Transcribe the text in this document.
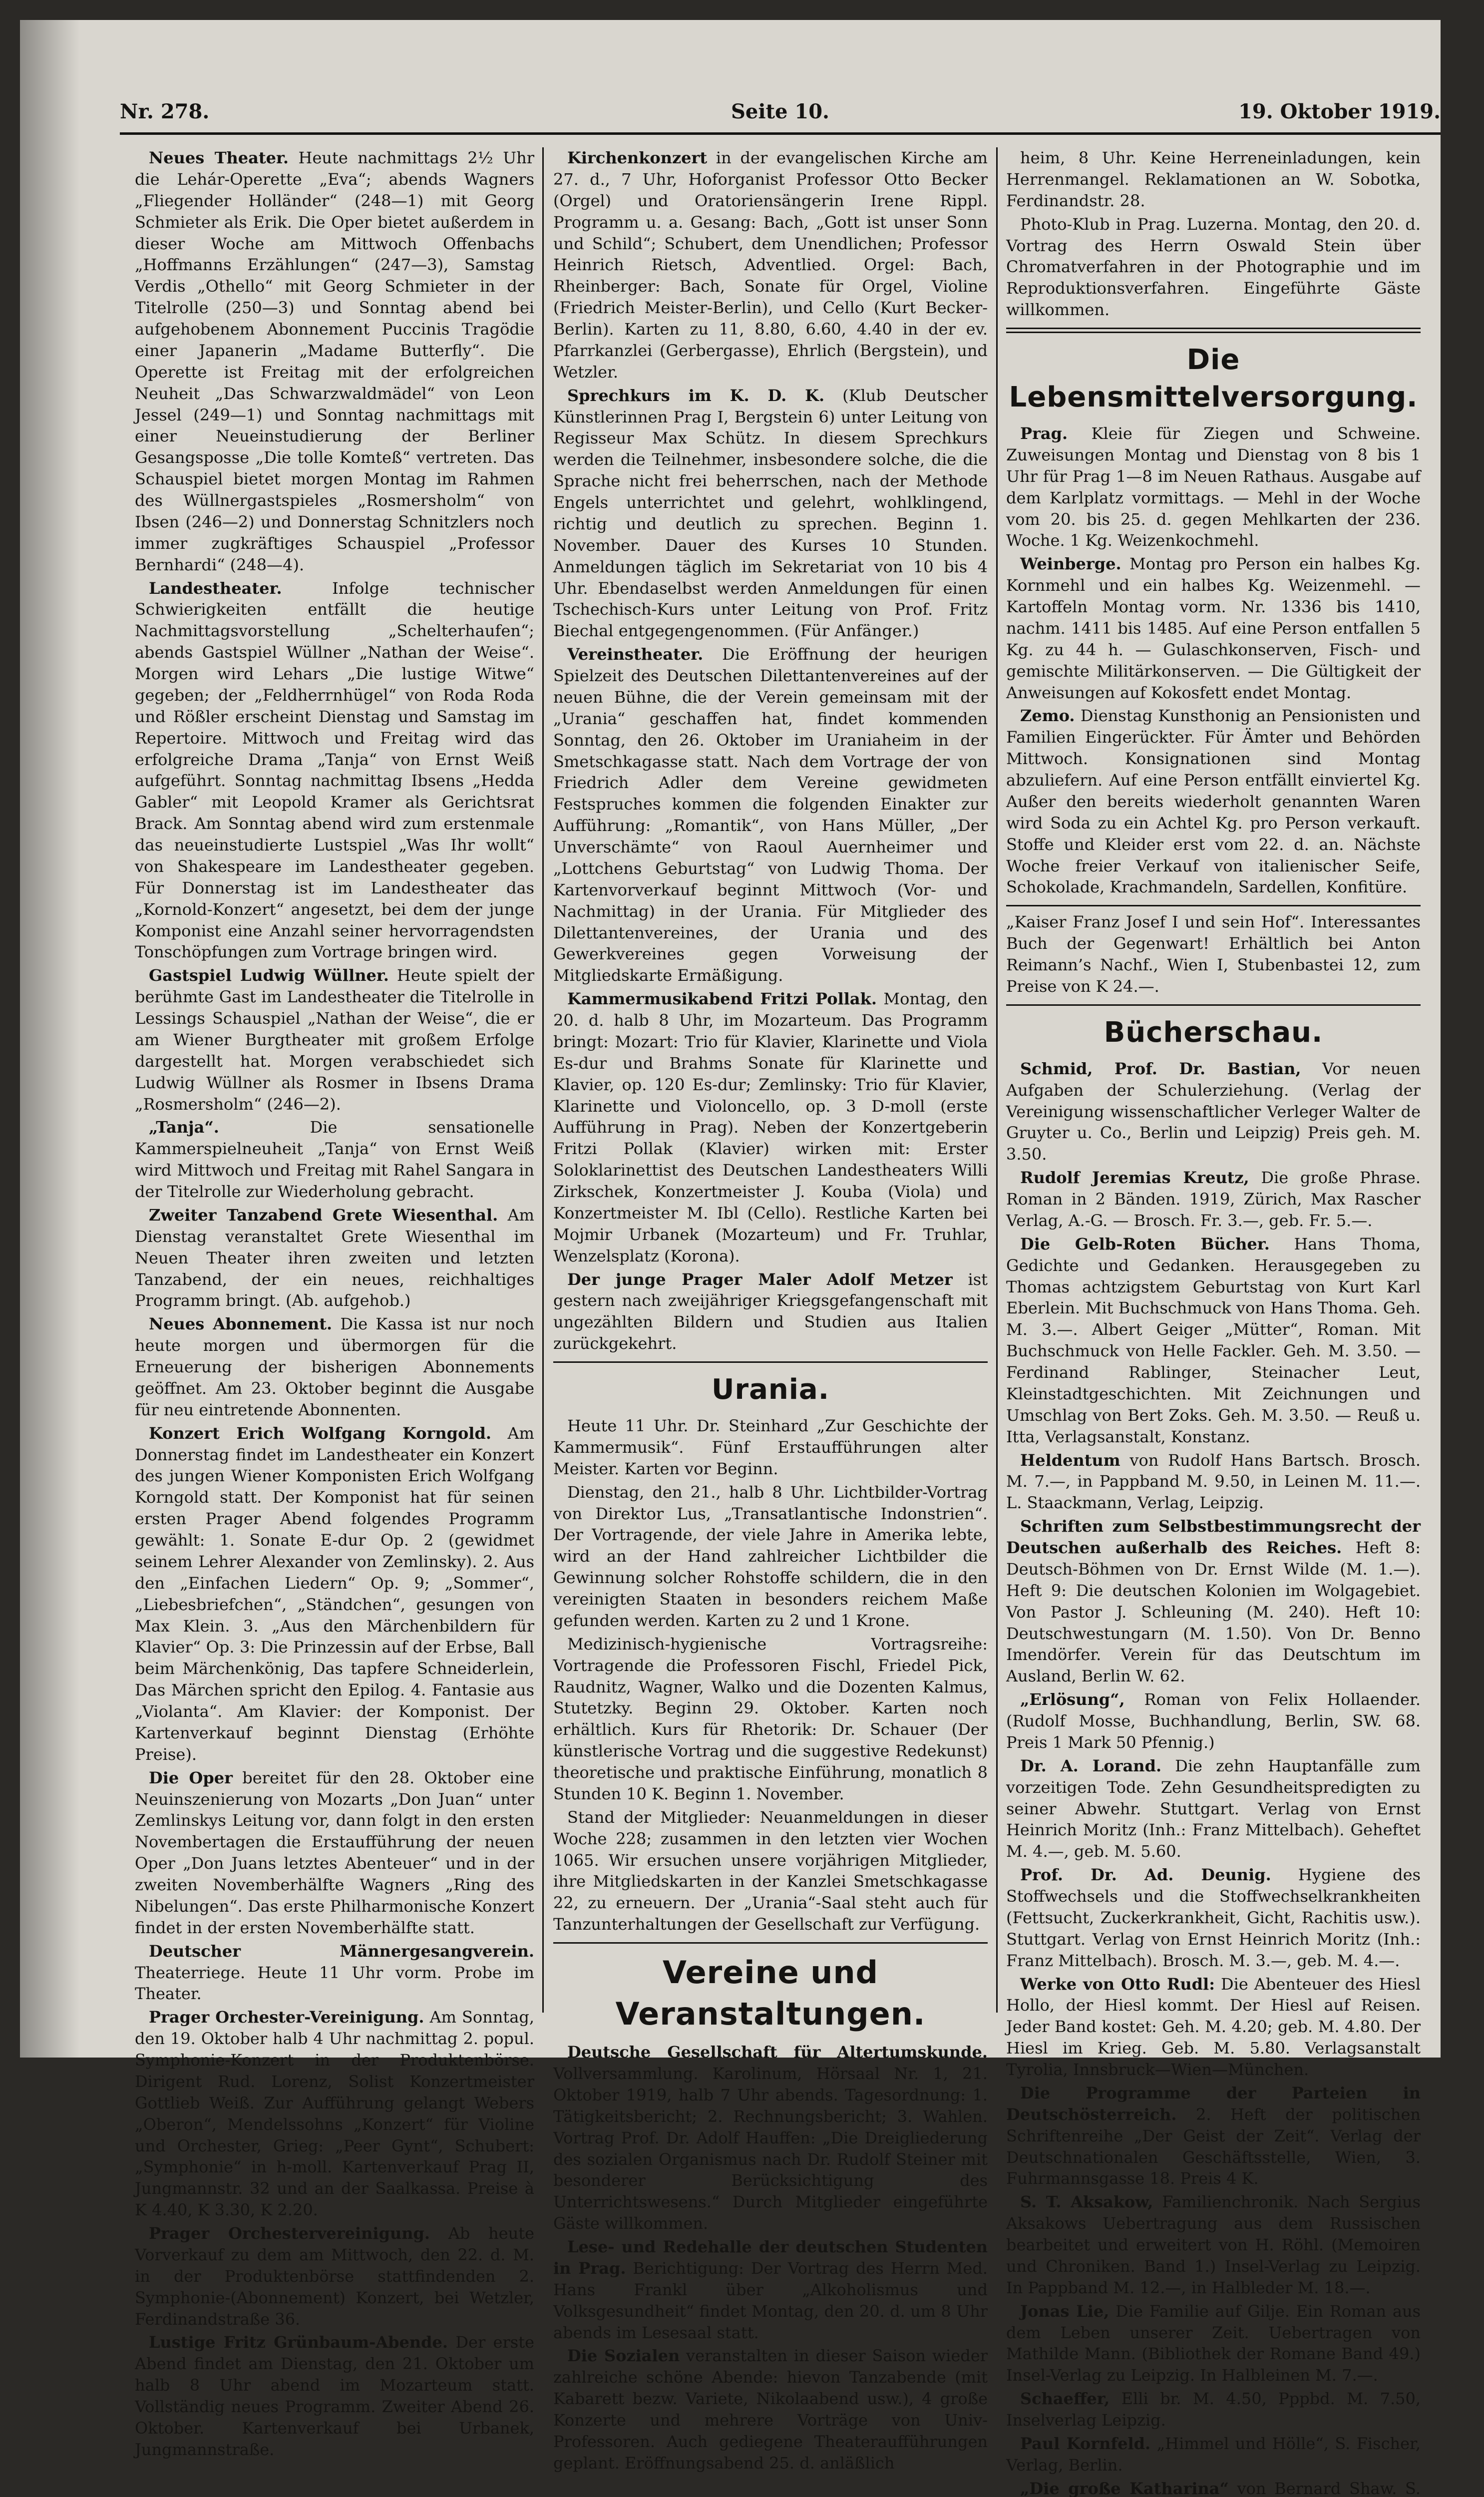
Nr. 278.	Seite 10.	19. Oktober 1919.

Neues Theater. Heute nachmittags 2½ Uhr die Lehár-Operette „Eva“; abends Wagners „Fliegender Holländer“ (248—1) mit Georg Schmieter als Erik. Die Oper bietet außerdem in dieser Woche am Mittwoch Offenbachs „Hoffmanns Erzählungen“ (247—3), Samstag Verdis „Othello“ mit Georg Schmieter in der Titelrolle (250—3) und Sonntag abend bei aufgehobenem Abonnement Puccinis Tragödie einer Japanerin „Madame Butterfly“. Die Operette ist Freitag mit der erfolgreichen Neuheit „Das Schwarzwaldmädel“ von Leon Jessel (249—1) und Sonntag nachmittags mit einer Neueinstudierung der Berliner Gesangsposse „Die tolle Komteß“ vertreten. Das Schauspiel bietet morgen Montag im Rahmen des Wüllnergastspieles „Rosmersholm“ von Ibsen (246—2) und Donnerstag Schnitzlers noch immer zugkräftiges Schauspiel „Professor Bernhardi“ (248—4).

Landestheater. Infolge technischer Schwierigkeiten entfällt die heutige Nachmittagsvorstellung „Schelterhaufen“; abends Gastspiel Wüllner „Nathan der Weise“. Morgen wird Lehars „Die lustige Witwe“ gegeben; der „Feldherrnhügel“ von Roda Roda und Rößler erscheint Dienstag und Samstag im Repertoire. Mittwoch und Freitag wird das erfolgreiche Drama „Tanja“ von Ernst Weiß aufgeführt. Sonntag nachmittag Ibsens „Hedda Gabler“ mit Leopold Kramer als Gerichtsrat Brack. Am Sonntag abend wird zum erstenmale das neueinstudierte Lustspiel „Was Ihr wollt“ von Shakespeare im Landestheater gegeben. Für Donnerstag ist im Landestheater das „Kornold-Konzert“ angesetzt, bei dem der junge Komponist eine Anzahl seiner hervorragendsten Tonschöpfungen zum Vortrage bringen wird.

Gastspiel Ludwig Wüllner. Heute spielt der berühmte Gast im Landestheater die Titelrolle in Lessings Schauspiel „Nathan der Weise“, die er am Wiener Burgtheater mit großem Erfolge dargestellt hat. Morgen verabschiedet sich Ludwig Wüllner als Rosmer in Ibsens Drama „Rosmersholm“ (246—2).

„Tanja“. Die sensationelle Kammerspielneuheit „Tanja“ von Ernst Weiß wird Mittwoch und Freitag mit Rahel Sangara in der Titelrolle zur Wiederholung gebracht.

Zweiter Tanzabend Grete Wiesenthal. Am Dienstag veranstaltet Grete Wiesenthal im Neuen Theater ihren zweiten und letzten Tanzabend, der ein neues, reichhaltiges Programm bringt. (Ab. aufgehob.)

Neues Abonnement. Die Kassa ist nur noch heute morgen und übermorgen für die Erneuerung der bisherigen Abonnements geöffnet. Am 23. Oktober beginnt die Ausgabe für neu eintretende Abonnenten.

Konzert Erich Wolfgang Korngold. Am Donnerstag findet im Landestheater ein Konzert des jungen Wiener Komponisten Erich Wolfgang Korngold statt. Der Komponist hat für seinen ersten Prager Abend folgendes Programm gewählt: 1. Sonate E-dur Op. 2 (gewidmet seinem Lehrer Alexander von Zemlinsky). 2. Aus den „Einfachen Liedern“ Op. 9; „Sommer“, „Liebesbriefchen“, „Ständchen“, gesungen von Max Klein. 3. „Aus den Märchenbildern für Klavier“ Op. 3: Die Prinzessin auf der Erbse, Ball beim Märchenkönig, Das tapfere Schneiderlein, Das Märchen spricht den Epilog. 4. Fantasie aus „Violanta“. Am Klavier: der Komponist. Der Kartenverkauf beginnt Dienstag (Erhöhte Preise).

Die Oper bereitet für den 28. Oktober eine Neuinszenierung von Mozarts „Don Juan“ unter Zemlinskys Leitung vor, dann folgt in den ersten Novembertagen die Erstaufführung der neuen Oper „Don Juans letztes Abenteuer“ und in der zweiten Novemberhälfte Wagners „Ring des Nibelungen“. Das erste Philharmonische Konzert findet in der ersten Novemberhälfte statt.

Deutscher Männergesangverein. Theaterriege. Heute 11 Uhr vorm. Probe im Theater.

Prager Orchester-Vereinigung. Am Sonntag, den 19. Oktober halb 4 Uhr nachmittag 2. popul. Symphonie-Konzert in der Produktenbörse. Dirigent Rud. Lorenz, Solist Konzertmeister Gottlieb Weiß. Zur Aufführung gelangt Webers „Oberon“, Mendelssohns „Konzert“ für Violine und Orchester, Grieg: „Peer Gynt“, Schubert: „Symphonie“ in h-moll. Kartenverkauf Prag II, Jungmannstr. 32 und an der Saalkassa. Preise à K 4.40, K 3.30, K 2.20.

Prager Orchestervereinigung. Ab heute Vorverkauf zu dem am Mittwoch, den 22. d. M. in der Produktenbörse stattfindenden 2. Symphonie-(Abonnement) Konzert, bei Wetzler, Ferdinandstraße 36.

Lustige Fritz Grünbaum-Abende. Der erste Abend findet am Dienstag, den 21. Oktober um halb 8 Uhr abend im Mozarteum statt. Vollständig neues Programm. Zweiter Abend 26. Oktober. Kartenverkauf bei Urbanek, Jungmannstraße.

Kirchenkonzert in der evangelischen Kirche am 27. d., 7 Uhr, Hoforganist Professor Otto Becker (Orgel) und Oratoriensängerin Irene Rippl. Programm u. a. Gesang: Bach, „Gott ist unser Sonn und Schild“; Schubert, dem Unendlichen; Professor Heinrich Rietsch, Adventlied. Orgel: Bach, Rheinberger: Bach, Sonate für Orgel, Violine (Friedrich Meister-Berlin), und Cello (Kurt Becker-Berlin). Karten zu 11, 8.80, 6.60, 4.40 in der ev. Pfarrkanzlei (Gerbergasse), Ehrlich (Bergstein), und Wetzler.

Sprechkurs im K. D. K. (Klub Deutscher Künstlerinnen Prag I, Bergstein 6) unter Leitung von Regisseur Max Schütz. In diesem Sprechkurs werden die Teilnehmer, insbesondere solche, die die Sprache nicht frei beherrschen, nach der Methode Engels unterrichtet und gelehrt, wohlklingend, richtig und deutlich zu sprechen. Beginn 1. November. Dauer des Kurses 10 Stunden. Anmeldungen täglich im Sekretariat von 10 bis 4 Uhr. Ebendaselbst werden Anmeldungen für einen Tschechisch-Kurs unter Leitung von Prof. Fritz Biechal entgegengenommen. (Für Anfänger.)

Vereinstheater. Die Eröffnung der heurigen Spielzeit des Deutschen Dilettantenvereines auf der neuen Bühne, die der Verein gemeinsam mit der „Urania“ geschaffen hat, findet kommenden Sonntag, den 26. Oktober im Uraniaheim in der Smetschkagasse statt. Nach dem Vortrage der von Friedrich Adler dem Vereine gewidmeten Festspruches kommen die folgenden Einakter zur Aufführung: „Romantik“, von Hans Müller, „Der Unverschämte“ von Raoul Auernheimer und „Lottchens Geburtstag“ von Ludwig Thoma. Der Kartenvorverkauf beginnt Mittwoch (Vor- und Nachmittag) in der Urania. Für Mitglieder des Dilettantenvereines, der Urania und des Gewerkvereines gegen Vorweisung der Mitgliedskarte Ermäßigung.

Kammermusikabend Fritzi Pollak. Montag, den 20. d. halb 8 Uhr, im Mozarteum. Das Programm bringt: Mozart: Trio für Klavier, Klarinette und Viola Es-dur und Brahms Sonate für Klarinette und Klavier, op. 120 Es-dur; Zemlinsky: Trio für Klavier, Klarinette und Violoncello, op. 3 D-moll (erste Aufführung in Prag). Neben der Konzertgeberin Fritzi Pollak (Klavier) wirken mit: Erster Soloklarinettist des Deutschen Landestheaters Willi Zirkschek, Konzertmeister J. Kouba (Viola) und Konzertmeister M. Ibl (Cello). Restliche Karten bei Mojmir Urbanek (Mozarteum) und Fr. Truhlar, Wenzelsplatz (Korona).

Der junge Prager Maler Adolf Metzer ist gestern nach zweijähriger Kriegsgefangenschaft mit ungezählten Bildern und Studien aus Italien zurückgekehrt.

Urania.

Heute 11 Uhr. Dr. Steinhard „Zur Geschichte der Kammermusik“. Fünf Erstaufführungen alter Meister. Karten vor Beginn.

Dienstag, den 21., halb 8 Uhr. Lichtbilder-Vortrag von Direktor Lus, „Transatlantische Indonstrien“. Der Vortragende, der viele Jahre in Amerika lebte, wird an der Hand zahlreicher Lichtbilder die Gewinnung solcher Rohstoffe schildern, die in den vereinigten Staaten in besonders reichem Maße gefunden werden. Karten zu 2 und 1 Krone.

Medizinisch-hygienische Vortragsreihe: Vortragende die Professoren Fischl, Friedel Pick, Raudnitz, Wagner, Walko und die Dozenten Kalmus, Stutetzky. Beginn 29. Oktober. Karten noch erhältlich. Kurs für Rhetorik: Dr. Schauer (Der künstlerische Vortrag und die suggestive Redekunst) theoretische und praktische Einführung, monatlich 8 Stunden 10 K. Beginn 1. November.

Stand der Mitglieder: Neuanmeldungen in dieser Woche 228; zusammen in den letzten vier Wochen 1065. Wir ersuchen unsere vorjährigen Mitglieder, ihre Mitgliedskarten in der Kanzlei Smetschkagasse 22, zu erneuern. Der „Urania“-Saal steht auch für Tanzunterhaltungen der Gesellschaft zur Verfügung.

Vereine und Veranstaltungen.

Deutsche Gesellschaft für Altertumskunde. Vollversammlung. Karolinum, Hörsaal Nr. 1, 21. Oktober 1919, halb 7 Uhr abends. Tagesordnung: 1. Tätigkeitsbericht; 2. Rechnungsbericht; 3. Wahlen. Vortrag Prof. Dr. Adolf Hauffen: „Die Dreigliederung des sozialen Organismus nach Dr. Rudolf Steiner mit besonderer Berücksichtigung des Unterrichtswesens.“ Durch Mitglieder eingeführte Gäste willkommen.

Lese- und Redehalle der deutschen Studenten in Prag. Berichtigung: Der Vortrag des Herrn Med. Hans Frankl über „Alkoholismus und Volksgesundheit“ findet Montag, den 20. d. um 8 Uhr abends im Lesesaal statt.

Die Sozialen veranstalten in dieser Saison wieder zahlreiche schöne Abende: hievon Tanzabende (mit Kabarett bezw. Variete, Nikolaabend usw.), 4 große Konzerte und mehrere Vorträge von Univ-Professoren. Auch gediegene Theateraufführungen geplant. Eröffnungsabend 25. d. anläßlich

heim, 8 Uhr. Keine Herreneinladungen, kein Herrenmangel. Reklamationen an W. Sobotka, Ferdinandstr. 28.

Photo-Klub in Prag. Luzerna. Montag, den 20. d. Vortrag des Herrn Oswald Stein über Chromatverfahren in der Photographie und im Reproduktionsverfahren. Eingeführte Gäste willkommen.

Die Lebensmittelversorgung.

Prag. Kleie für Ziegen und Schweine. Zuweisungen Montag und Dienstag von 8 bis 1 Uhr für Prag 1—8 im Neuen Rathaus. Ausgabe auf dem Karlplatz vormittags. — Mehl in der Woche vom 20. bis 25. d. gegen Mehlkarten der 236. Woche. 1 Kg. Weizenkochmehl.

Weinberge. Montag pro Person ein halbes Kg. Kornmehl und ein halbes Kg. Weizenmehl. — Kartoffeln Montag vorm. Nr. 1336 bis 1410, nachm. 1411 bis 1485. Auf eine Person entfallen 5 Kg. zu 44 h. — Gulaschkonserven, Fisch- und gemischte Militärkonserven. — Die Gültigkeit der Anweisungen auf Kokosfett endet Montag.

Zemo. Dienstag Kunsthonig an Pensionisten und Familien Eingerückter. Für Ämter und Behörden Mittwoch. Konsignationen sind Montag abzuliefern. Auf eine Person entfällt einviertel Kg. Außer den bereits wiederholt genannten Waren wird Soda zu ein Achtel Kg. pro Person verkauft. Stoffe und Kleider erst vom 22. d. an. Nächste Woche freier Verkauf von italienischer Seife, Schokolade, Krachmandeln, Sardellen, Konfitüre.

„Kaiser Franz Josef I und sein Hof“. Interessantes Buch der Gegenwart! Erhältlich bei Anton Reimann’s Nachf., Wien I, Stubenbastei 12, zum Preise von K 24.—.

Bücherschau.

Schmid, Prof. Dr. Bastian, Vor neuen Aufgaben der Schulerziehung. (Verlag der Vereinigung wissenschaftlicher Verleger Walter de Gruyter u. Co., Berlin und Leipzig) Preis geh. M. 3.50.

Rudolf Jeremias Kreutz, Die große Phrase. Roman in 2 Bänden. 1919, Zürich, Max Rascher Verlag, A.-G. — Brosch. Fr. 3.—, geb. Fr. 5.—.

Die Gelb-Roten Bücher. Hans Thoma, Gedichte und Gedanken. Herausgegeben zu Thomas achtzigstem Geburtstag von Kurt Karl Eberlein. Mit Buchschmuck von Hans Thoma. Geh. M. 3.—. Albert Geiger „Mütter“, Roman. Mit Buchschmuck von Helle Fackler. Geh. M. 3.50. — Ferdinand Rablinger, Steinacher Leut, Kleinstadtgeschichten. Mit Zeichnungen und Umschlag von Bert Zoks. Geh. M. 3.50. — Reuß u. Itta, Verlagsanstalt, Konstanz.

Heldentum von Rudolf Hans Bartsch. Brosch. M. 7.—, in Pappband M. 9.50, in Leinen M. 11.—. L. Staackmann, Verlag, Leipzig.

Schriften zum Selbstbestimmungsrecht der Deutschen außerhalb des Reiches. Heft 8: Deutsch-Böhmen von Dr. Ernst Wilde (M. 1.—). Heft 9: Die deutschen Kolonien im Wolgagebiet. Von Pastor J. Schleuning (M. 240). Heft 10: Deutschwestungarn (M. 1.50). Von Dr. Benno Imendörfer. Verein für das Deutschtum im Ausland, Berlin W. 62.

„Erlösung“, Roman von Felix Hollaender. (Rudolf Mosse, Buchhandlung, Berlin, SW. 68. Preis 1 Mark 50 Pfennig.)

Dr. A. Lorand. Die zehn Hauptanfälle zum vorzeitigen Tode. Zehn Gesundheitspredigten zu seiner Abwehr. Stuttgart. Verlag von Ernst Heinrich Moritz (Inh.: Franz Mittelbach). Geheftet M. 4.—, geb. M. 5.60.

Prof. Dr. Ad. Deunig. Hygiene des Stoffwechsels und die Stoffwechselkrankheiten (Fettsucht, Zuckerkrankheit, Gicht, Rachitis usw.). Stuttgart. Verlag von Ernst Heinrich Moritz (Inh.: Franz Mittelbach). Brosch. M. 3.—, geb. M. 4.—.

Werke von Otto Rudl: Die Abenteuer des Hiesl Hollo, der Hiesl kommt. Der Hiesl auf Reisen. Jeder Band kostet: Geh. M. 4.20; geb. M. 4.80. Der Hiesl im Krieg. Geb. M. 5.80. Verlagsanstalt Tyrolia, Innsbruck—Wien—München.

Die Programme der Parteien in Deutschösterreich. 2. Heft der politischen Schriftenreihe „Der Geist der Zeit“. Verlag der Deutschnationalen Geschäftsstelle, Wien, 3. Fuhrmannsgasse 18. Preis 4 K.

S. T. Aksakow, Familienchronik. Nach Sergius Aksakows Uebertragung aus dem Russischen bearbeitet und erweitert von H. Röhl. (Memoiren und Chroniken. Band 1.) Insel-Verlag zu Leipzig. In Pappband M. 12.—, in Halbleder M. 18.—.

Jonas Lie, Die Familie auf Gilje. Ein Roman aus dem Leben unserer Zeit. Uebertragen von Mathilde Mann. (Bibliothek der Romane Band 49.) Insel-Verlag zu Leipzig. In Halbleinen M. 7.—.

Schaeffer, Elli br. M. 4.50, Pppbd. M. 7.50, Inselverlag Leipzig.

Paul Kornfeld. „Himmel und Hölle“, S. Fischer, Verlag, Berlin.

„Die große Katharina“ von Bernard Shaw. S.
